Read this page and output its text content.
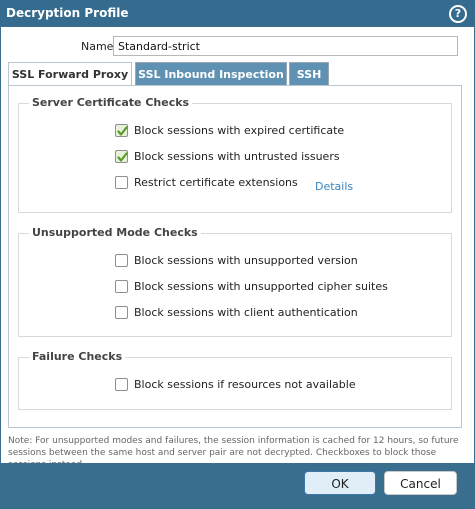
Decryption Profile	?
Name
Standard-strict
SSL Forward Proxy SSL Inbound Inspection	SSH
Server Certificate Checks
Block sessions with expired certificate
Block sessions with untrusted issuers
Restrict certificate extensions Details
Unsupported Mode Checks
Block sessions with unsupported version
Block sessions with unsupported cipher suites
Block sessions with client authentication
Failure Checks
Block sessions if resources not available
Note: For unsupported modes and failures, the session information is cached for 12 hours, so future sessions between the same host and server pair are not decrypted. Checkboxes to block those
OK	Cancel
